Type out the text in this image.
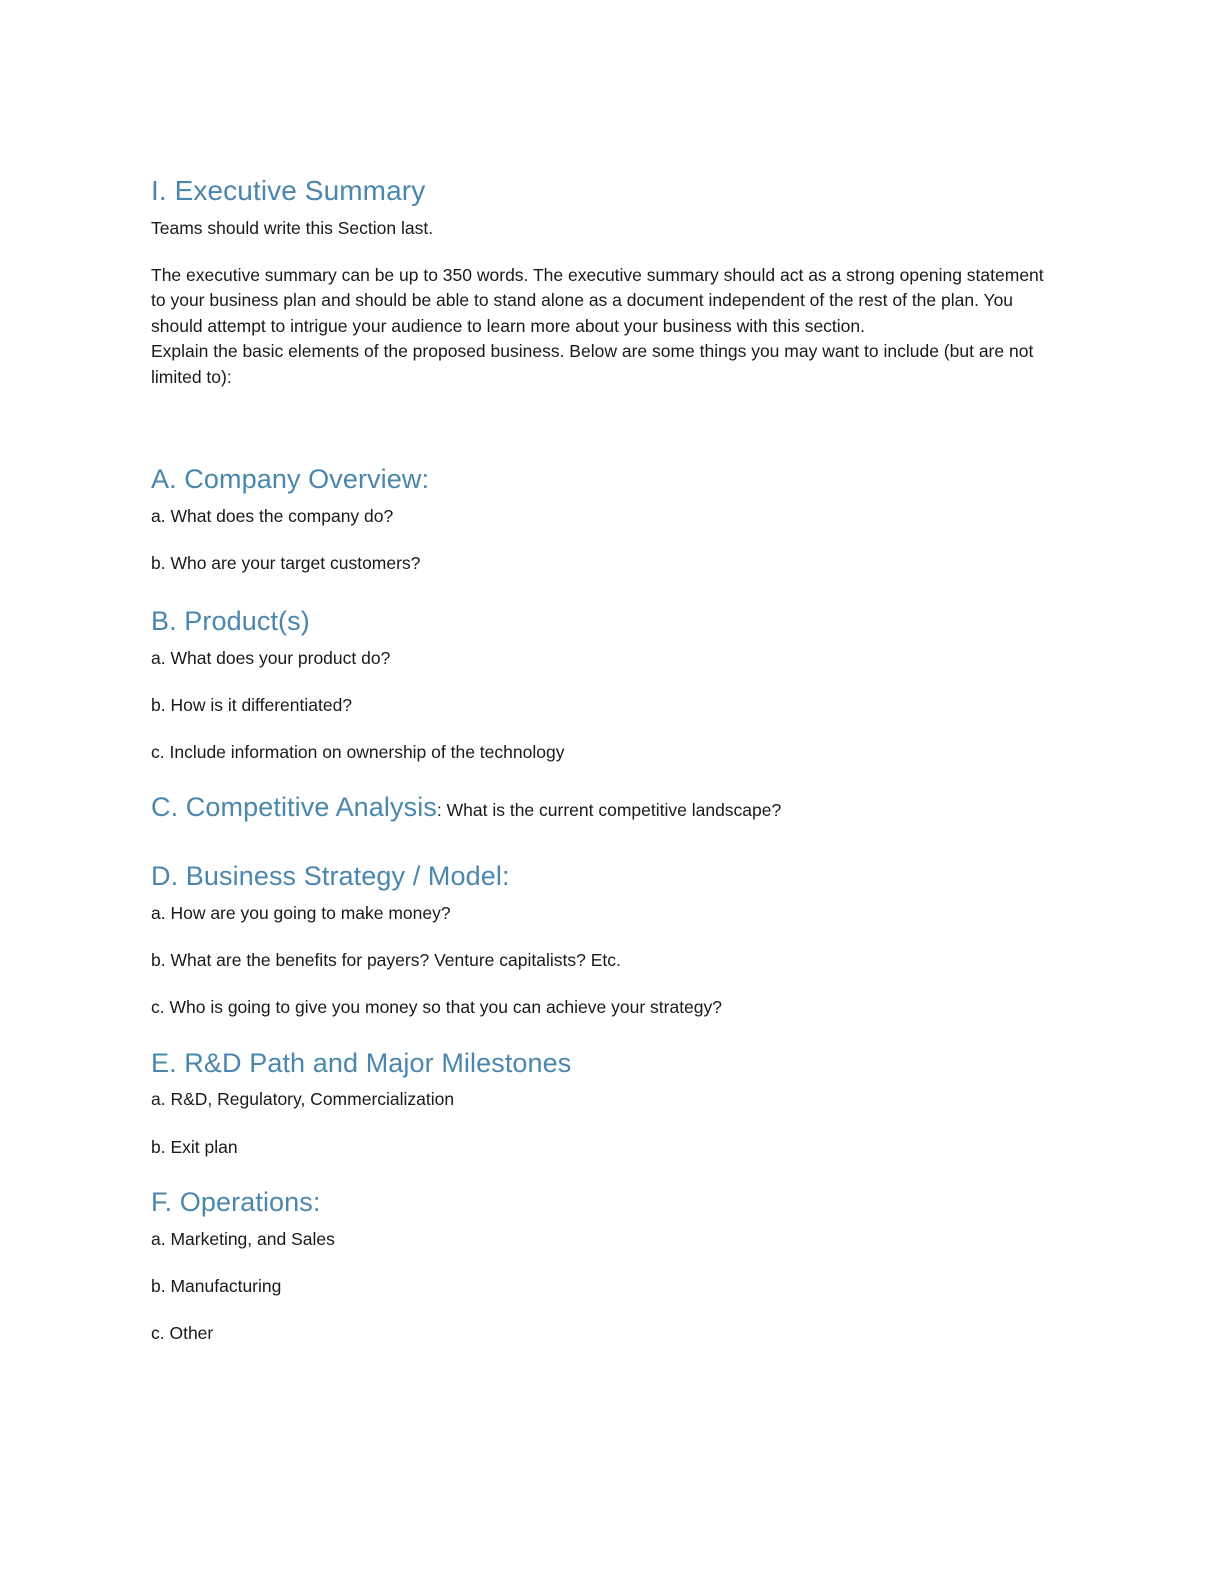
I. Executive Summary

Teams should write this Section last.

The executive summary can be up to 350 words. The executive summary should act as a strong opening statement to your business plan and should be able to stand alone as a document independent of the rest of the plan. You should attempt to intrigue your audience to learn more about your business with this section.

Explain the basic elements of the proposed business. Below are some things you may want to include (but are not limited to):

A. Company Overview:

a. What does the company do?

b. Who are your target customers?

B. Product(s)

a. What does your product do?

b. How is it differentiated?

c. Include information on ownership of the technology

C. Competitive Analysis: What is the current competitive landscape?
D. Business Strategy / Model:

a. How are you going to make money?

b. What are the benefits for payers? Venture capitalists? Etc.

c. Who is going to give you money so that you can achieve your strategy?

E. R&D Path and Major Milestones

a. R&D, Regulatory, Commercialization

b. Exit plan

F. Operations:

a. Marketing, and Sales

b. Manufacturing

c. Other
